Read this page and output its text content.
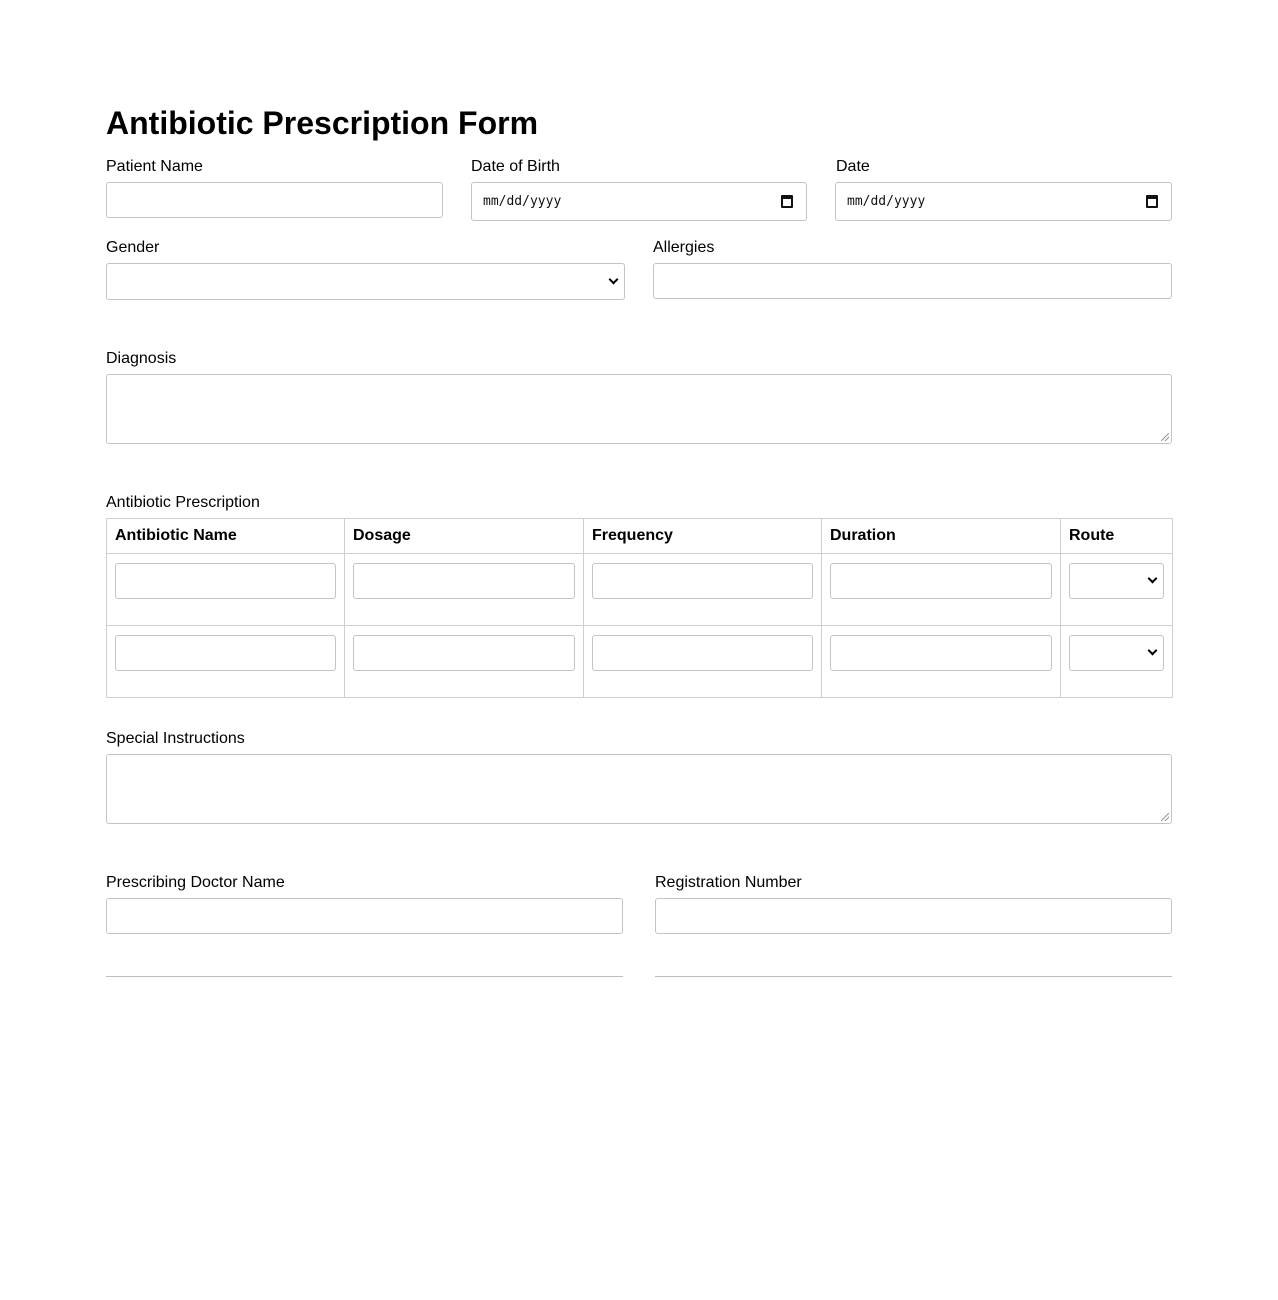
Antibiotic Prescription Form
Patient Name	Date of Birth
mm/dd/yyyy
Date
mm/dd/yyyy
Gender	Allergies
Diagnosis
Antibiotic Prescription
Antibiotic Name	Dosage	Frequency	Duration	Route

Special Instructions
Prescribing Doctor Name	Registration Number
